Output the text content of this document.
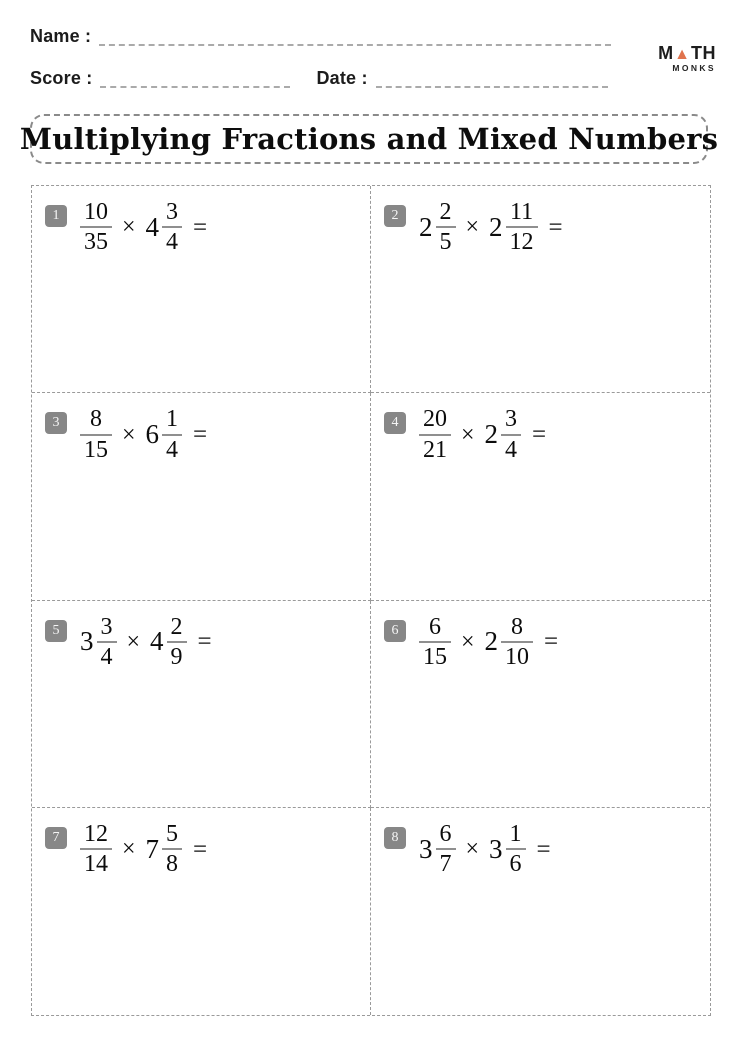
Name :
Score :	Date :
M▲TH
MONKS
Multiplying Fractions and Mixed Numbers
$1 \frac{10}{35} \times 4 \frac{3}{4}$ =	2 $2 \frac{2}{5} \times 2 \frac{11}{12}$ =
$3 \frac{8}{15} \times 6 \frac{1}{4}$ =	$4 \frac{20}{21} \times 2 \frac{3}{4}$ =
5 $3 \frac{3}{4} \times 4 \frac{2}{9}$ =	$6 \frac{6}{15} \times 2 \frac{8}{10}$ =
$7 \frac{12}{14} \times 7 \frac{5}{8}$ =	8 $3 \frac{6}{7} \times 3 \frac{1}{6}$ =
